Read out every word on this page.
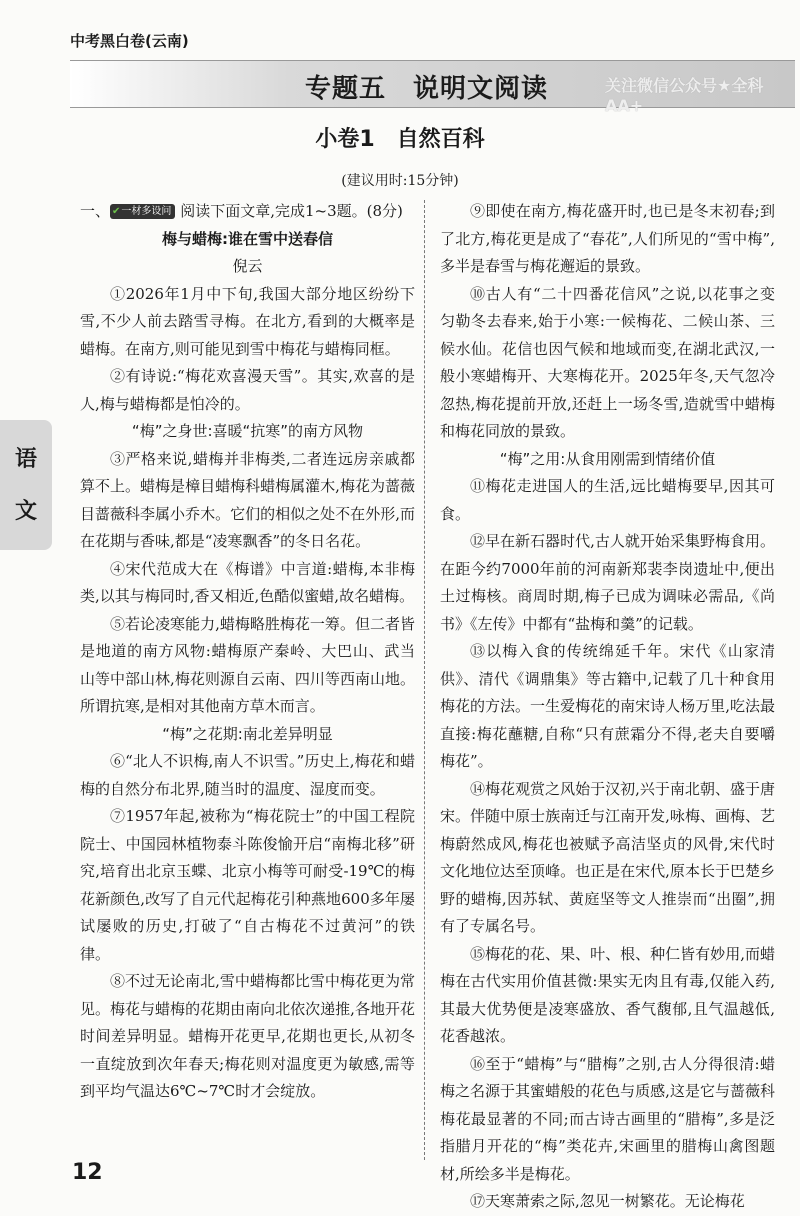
中考黑白卷(云南)
专题五　说明文阅读	关注微信公众号★全科AA+
小卷1　自然百科
(建议用时:15分钟)
语
文

一、 ✔一材多设问 阅读下面文章,完成1~3题。(8分)

梅与蜡梅:谁在雪中送春信

倪云

①2026年1月中下旬,我国大部分地区纷纷下雪,不少人前去踏雪寻梅。在北方,看到的大概率是蜡梅。在南方,则可能见到雪中梅花与蜡梅同框。

②有诗说:“梅花欢喜漫天雪”。其实,欢喜的是人,梅与蜡梅都是怕冷的。

“梅”之身世:喜暖“抗寒”的南方风物

③严格来说,蜡梅并非梅类,二者连远房亲戚都算不上。蜡梅是樟目蜡梅科蜡梅属灌木,梅花为蔷薇目蔷薇科李属小乔木。它们的相似之处不在外形,而在花期与香味,都是“凌寒飘香”的冬日名花。

④宋代范成大在《梅谱》中言道:蜡梅,本非梅类,以其与梅同时,香又相近,色酷似蜜蜡,故名蜡梅。

⑤若论凌寒能力,蜡梅略胜梅花一筹。但二者皆是地道的南方风物:蜡梅原产秦岭、大巴山、武当山等中部山林,梅花则源自云南、四川等西南山地。所谓抗寒,是相对其他南方草木而言。

“梅”之花期:南北差异明显

⑥“北人不识梅,南人不识雪。”历史上,梅花和蜡梅的自然分布北界,随当时的温度、湿度而变。

⑦1957年起,被称为“梅花院士”的中国工程院院士、中国园林植物泰斗陈俊愉开启“南梅北移”研究,培育出北京玉蝶、北京小梅等可耐受-19℃的梅花新颜色,改写了自元代起梅花引种燕地600多年屡试屡败的历史,打破了“自古梅花不过黄河”的铁律。

⑧不过无论南北,雪中蜡梅都比雪中梅花更为常见。梅花与蜡梅的花期由南向北依次递推,各地开花时间差异明显。蜡梅开花更早,花期也更长,从初冬一直绽放到次年春天;梅花则对温度更为敏感,需等到平均气温达6℃~7℃时才会绽放。

⑨即使在南方,梅花盛开时,也已是冬末初春;到了北方,梅花更是成了“春花”,人们所见的“雪中梅”,多半是春雪与梅花邂逅的景致。

⑩古人有“二十四番花信风”之说,以花事之变匀勒冬去春来,始于小寒:一候梅花、二候山茶、三候水仙。花信也因气候和地域而变,在湖北武汉,一般小寒蜡梅开、大寒梅花开。2025年冬,天气忽冷忽热,梅花提前开放,还赶上一场冬雪,造就雪中蜡梅和梅花同放的景致。

“梅”之用:从食用刚需到情绪价值

⑪梅花走进国人的生活,远比蜡梅要早,因其可食。

⑫早在新石器时代,古人就开始采集野梅食用。在距今约7000年前的河南新郑裴李岗遗址中,便出土过梅核。商周时期,梅子已成为调味必需品,《尚书》《左传》中都有“盐梅和羹”的记载。

⑬以梅入食的传统绵延千年。宋代《山家清供》、清代《调鼎集》等古籍中,记载了几十种食用梅花的方法。一生爱梅花的南宋诗人杨万里,吃法最直接:梅花蘸糖,自称“只有蔗霜分不得,老夫自要嚼梅花”。

⑭梅花观赏之风始于汉初,兴于南北朝、盛于唐宋。伴随中原士族南迁与江南开发,咏梅、画梅、艺梅蔚然成风,梅花也被赋予高洁坚贞的风骨,宋代时文化地位达至顶峰。也正是在宋代,原本长于巴楚乡野的蜡梅,因苏轼、黄庭坚等文人推崇而“出圈”,拥有了专属名号。

⑮梅花的花、果、叶、根、种仁皆有妙用,而蜡梅在古代实用价值甚微:果实无肉且有毒,仅能入药,其最大优势便是凌寒盛放、香气馥郁,且气温越低,花香越浓。

⑯至于“蜡梅”与“腊梅”之别,古人分得很清:蜡梅之名源于其蜜蜡般的花色与质感,这是它与蔷薇科梅花最显著的不同;而古诗古画里的“腊梅”,多是泛指腊月开花的“梅”类花卉,宋画里的腊梅山禽图题材,所绘多半是梅花。

⑰天寒萧索之际,忽见一树繁花。无论梅花

12
